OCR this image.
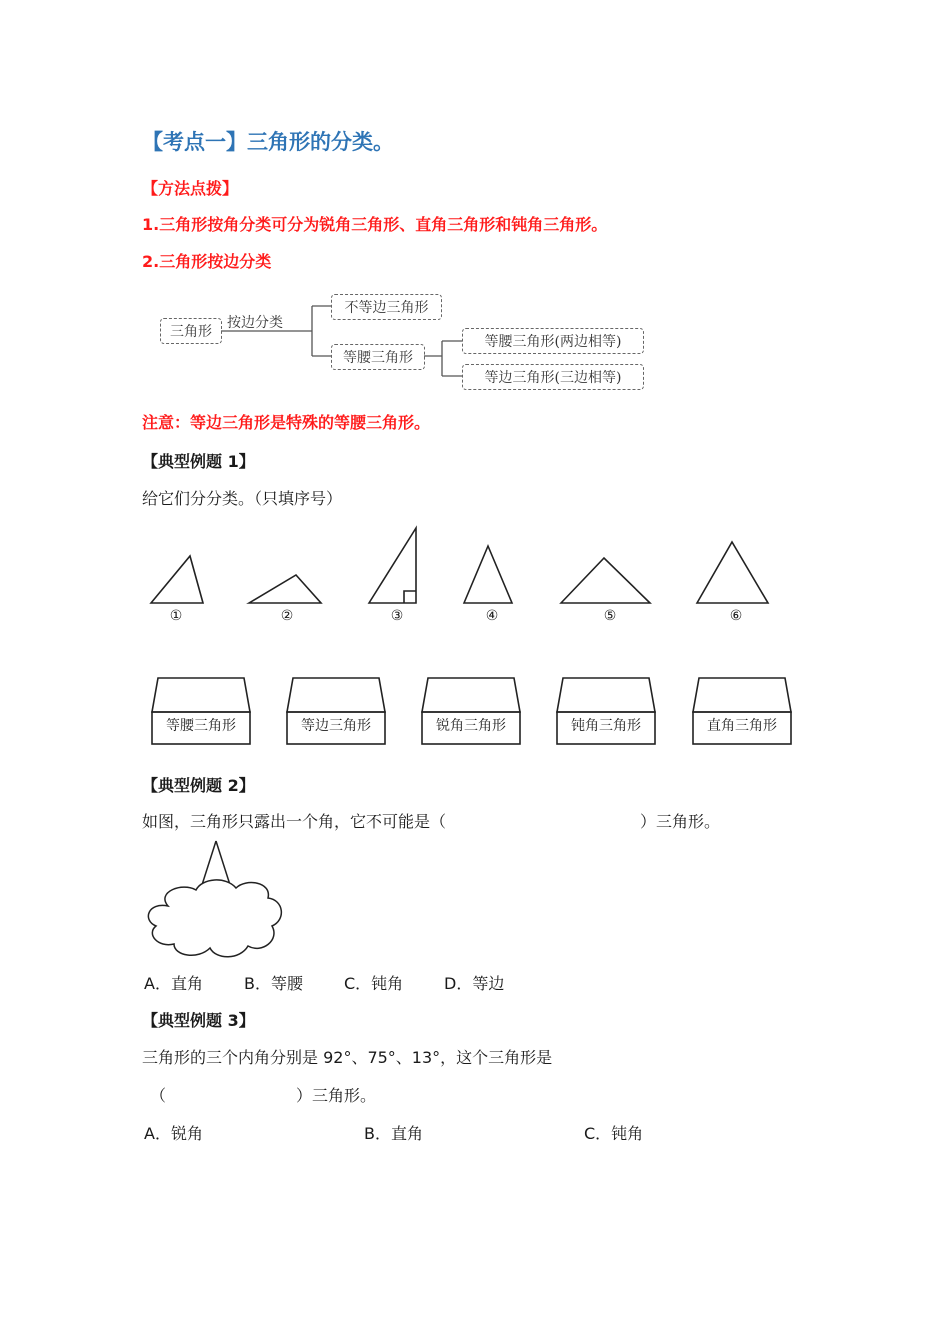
【考点一】三角形的分类。
【方法点拨】
1.三角形按角分类可分为锐角三角形、直角三角形和钝角三角形。
2.三角形按边分类
三角形
按边分类
不等边三角形
等腰三角形
等腰三角形(两边相等)
等边三角形(三边相等)
注意：等边三角形是特殊的等腰三角形。
【典型例题 1】
给它们分分类。（只填序号）
①	②	③	④	⑤	⑥
等腰三角形	等边三角形	锐角三角形	钝角三角形	直角三角形
【典型例题 2】
如图，三角形只露出一个角，它不可能是（	）三角形。
A．直角	B．等腰	C．钝角	D．等边
【典型例题 3】
三角形的三个内角分别是 92°、75°、13°，这个三角形是
（	）三角形。
A．锐角	B．直角	C．钝角
